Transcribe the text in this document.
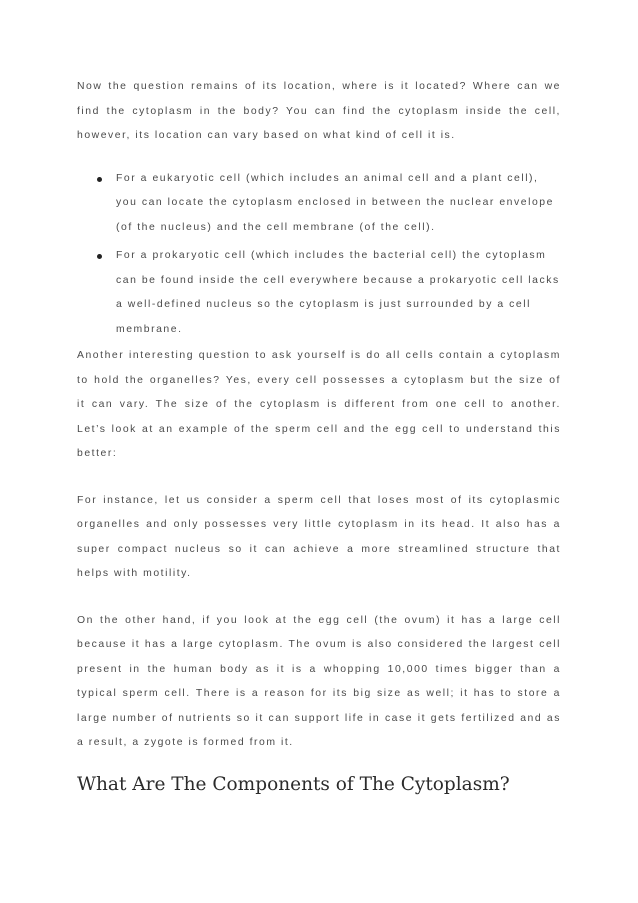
Now the question remains of its location, where is it located? Where can we find the cytoplasm in the body? You can find the cytoplasm inside the cell, however, its location can vary based on what kind of cell it is.

For a eukaryotic cell (which includes an animal cell and a plant cell), you can locate the cytoplasm enclosed in between the nuclear envelope (of the nucleus) and the cell membrane (of the cell).
For a prokaryotic cell (which includes the bacterial cell) the cytoplasm can be found inside the cell everywhere because a prokaryotic cell lacks a well-defined nucleus so the cytoplasm is just surrounded by a cell membrane.

Another interesting question to ask yourself is do all cells contain a cytoplasm to hold the organelles? Yes, every cell possesses a cytoplasm but the size of it can vary. The size of the cytoplasm is different from one cell to another. Let’s look at an example of the sperm cell and the egg cell to understand this better:

For instance, let us consider a sperm cell that loses most of its cytoplasmic organelles and only possesses very little cytoplasm in its head. It also has a super compact nucleus so it can achieve a more streamlined structure that helps with motility.

On the other hand, if you look at the egg cell (the ovum) it has a large cell because it has a large cytoplasm. The ovum is also considered the largest cell present in the human body as it is a whopping 10,000 times bigger than a typical sperm cell. There is a reason for its big size as well; it has to store a large number of nutrients so it can support life in case it gets fertilized and as a result, a zygote is formed from it.

What Are The Components of The Cytoplasm?
